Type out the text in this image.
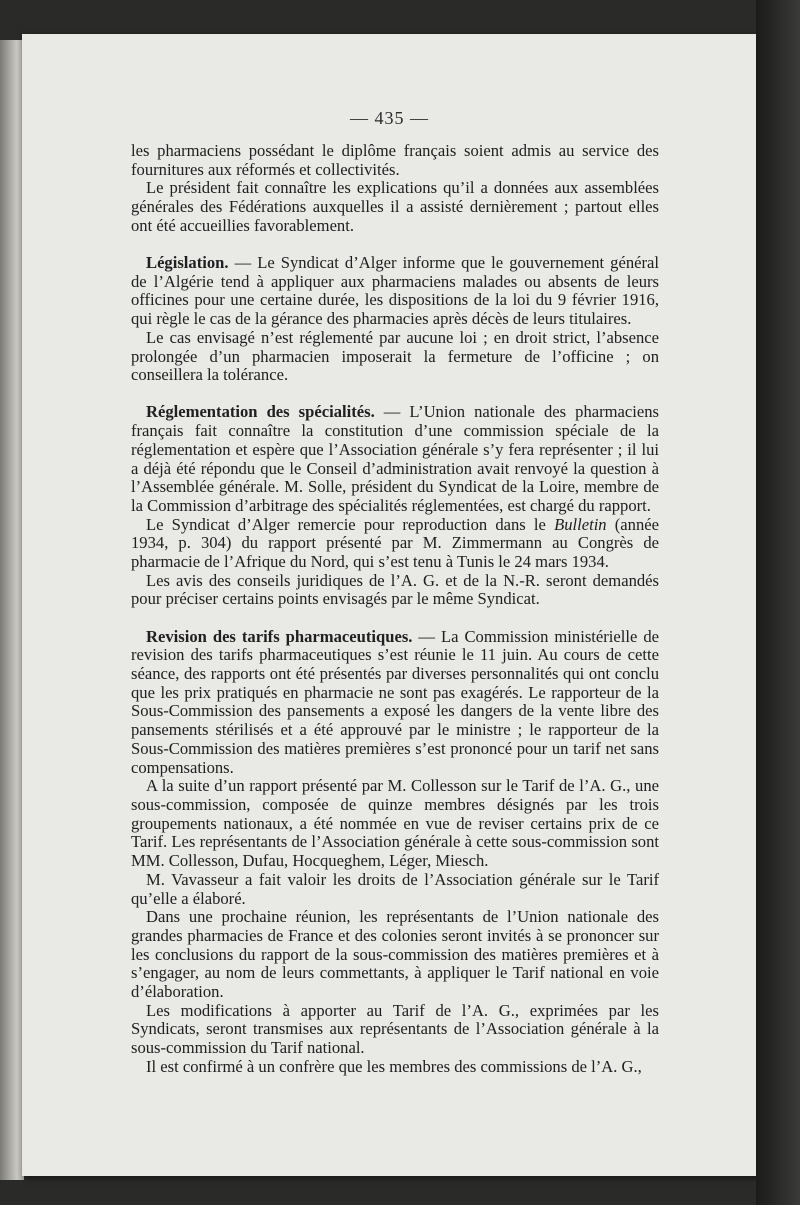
— 435 —

les pharmaciens possédant le diplôme français soient admis au service des fournitures aux réformés et collectivités.

Le président fait connaître les explications qu’il a données aux assemblées générales des Fédérations auxquelles il a assisté dernièrement ; partout elles ont été accueillies favorablement.

Législation. — Le Syndicat d’Alger informe que le gouvernement général de l’Algérie tend à appliquer aux pharmaciens malades ou absents de leurs officines pour une certaine durée, les dispositions de la loi du 9 février 1916, qui règle le cas de la gérance des pharmacies après décès de leurs titulaires.

Le cas envisagé n’est réglementé par aucune loi ; en droit strict, l’absence prolongée d’un pharmacien imposerait la fermeture de l’officine ; on conseillera la tolérance.

Réglementation des spécialités. — L’Union nationale des pharmaciens français fait connaître la constitution d’une commission spéciale de la réglementation et espère que l’Association générale s’y fera représenter ; il lui a déjà été répondu que le Conseil d’administration avait renvoyé la question à l’Assemblée générale. M. Solle, président du Syndicat de la Loire, membre de la Commission d’arbitrage des spécialités réglementées, est chargé du rapport.

Le Syndicat d’Alger remercie pour reproduction dans le Bulletin (année 1934, p. 304) du rapport présenté par M. Zimmermann au Congrès de pharmacie de l’Afrique du Nord, qui s’est tenu à Tunis le 24 mars 1934.

Les avis des conseils juridiques de l’A. G. et de la N.-R. seront demandés pour préciser certains points envisagés par le même Syndicat.

Revision des tarifs pharmaceutiques. — La Commission ministérielle de revision des tarifs pharmaceutiques s’est réunie le 11 juin. Au cours de cette séance, des rapports ont été présentés par diverses personnalités qui ont conclu que les prix pratiqués en pharmacie ne sont pas exagérés. Le rapporteur de la Sous-Commission des pansements a exposé les dangers de la vente libre des pansements stérilisés et a été approuvé par le ministre ; le rapporteur de la Sous-Commission des matières premières s’est prononcé pour un tarif net sans compensations.

A la suite d’un rapport présenté par M. Collesson sur le Tarif de l’A. G., une sous-commission, composée de quinze membres désignés par les trois groupements nationaux, a été nommée en vue de reviser certains prix de ce Tarif. Les représentants de l’Association générale à cette sous-commission sont MM. Collesson, Dufau, Hocqueghem, Léger, Miesch.

M. Vavasseur a fait valoir les droits de l’Association générale sur le Tarif qu’elle a élaboré.

Dans une prochaine réunion, les représentants de l’Union nationale des grandes pharmacies de France et des colonies seront invités à se prononcer sur les conclusions du rapport de la sous-commission des matières premières et à s’engager, au nom de leurs commettants, à appliquer le Tarif national en voie d’élaboration.

Les modifications à apporter au Tarif de l’A. G., exprimées par les Syndicats, seront transmises aux représentants de l’Association générale à la sous-commission du Tarif national.

Il est confirmé à un confrère que les membres des commissions de l’A. G.,
